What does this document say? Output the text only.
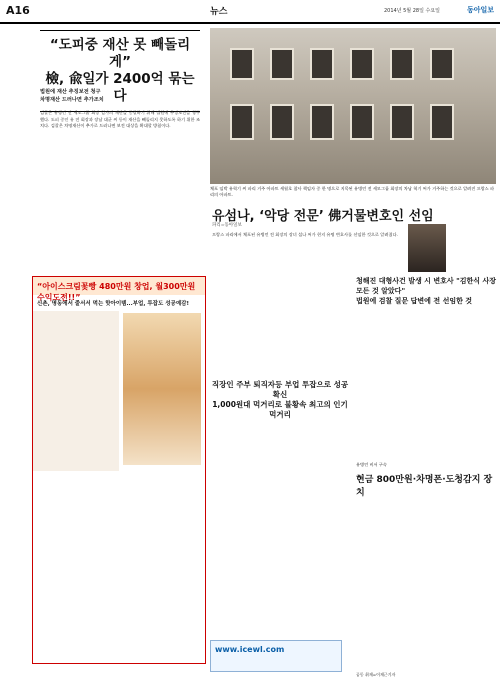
A16	뉴스	2014년 5월 28일 수요일	동아일보
“도피중 재산 못 빼돌리게”
檢, 兪일가 2400억 묶는다
법원에 재산 추징보전 청구
차명재산 드러나면 추가조치
검찰은 유병언 전 세모그룹 회장 일가의 재산을 동결하기 위해 법원에 추징보전을 청구했다. 도피 중인 유 전 회장과 장남 대균 씨 등이 재산을 빼돌리지 못하도록 하기 위한 조치다. 검찰은 차명재산이 추가로 드러나면 보전 대상을 확대할 방침이다.
체포 임박 유혁기 씨 파리 거주 아파트 세월호 참사 책임자 중 한 명으로 지목된 유병언 전 세모그룹 회장의 차남 혁기 씨가 거주하는 것으로 알려진 프랑스 파리의 아파트.
유섬나, ‘악당 전문’ 佛거물변호인 선임
파리=동아일보
프랑스 파리에서 체포된 유병언 전 회장의 장녀 섬나 씨가 현지 유명 변호사를 선임한 것으로 알려졌다.
“아이스크림꽃빵 480만원 창업, 월300만원 수익도전!!”
신촌, 명동에서 줄서서 먹는 핫아이템...부업, 투잡도 성공예감!
직장인 주부 퇴직자등 부업 투잡으로 성공확신
1,000원대 먹거리로 불황속 최고의 인기 먹거리
www.icewl.com
청해진 대형사건 발생 시 변호사 "김한식 사장 모든 것 알았다"
법원에 검찰 질문 답변에 전 선임한 것
유병언 비서 구속
현금 800만원·차명폰·도청감지 장치
공동 취재=이재근기자
